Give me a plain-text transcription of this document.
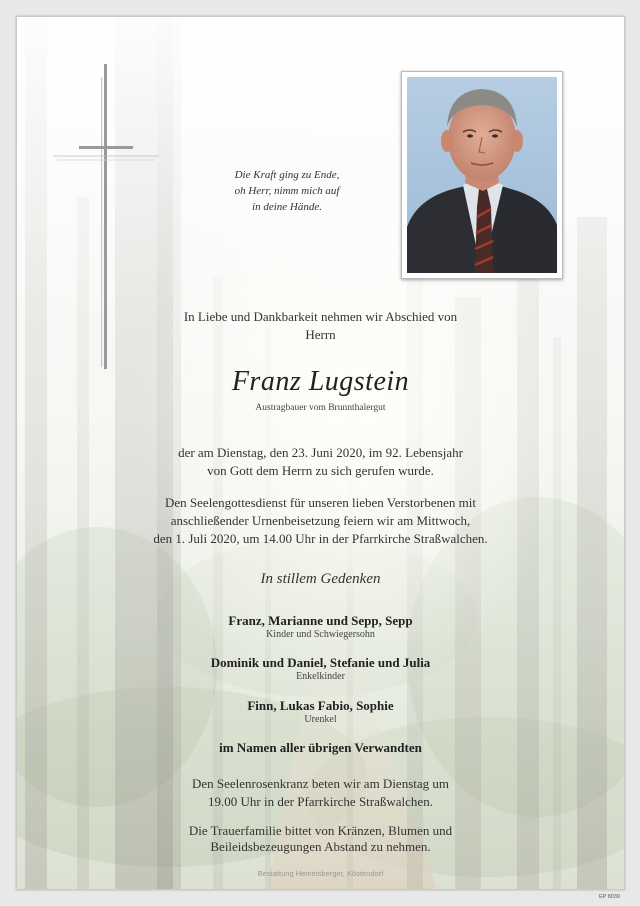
Die Kraft ging zu Ende,
oh Herr, nimm mich auf
in deine Hände.
In Liebe und Dankbarkeit nehmen wir Abschied von
Herrn
Franz Lugstein
Austragbauer vom Brunnthalergut
der am Dienstag, den 23. Juni 2020, im 92. Lebensjahr
von Gott dem Herrn zu sich gerufen wurde.
Den Seelengottesdienst für unseren lieben Verstorbenen mit
anschließender Urnenbeisetzung feiern wir am Mittwoch,
den 1. Juli 2020, um 14.00 Uhr in der Pfarrkirche Straßwalchen.
In stillem Gedenken
Franz, Marianne und Sepp, Sepp
Kinder und Schwiegersohn
Dominik und Daniel, Stefanie und Julia
Enkelkinder
Finn, Lukas Fabio, Sophie
Urenkel
im Namen aller übrigen Verwandten
Den Seelenrosenkranz beten wir am Dienstag um
19.00 Uhr in der Pfarrkirche Straßwalchen.
Die Trauerfamilie bittet von Kränzen, Blumen und
Beileidsbezeugungen Abstand zu nehmen.
Bestattung Hemetsberger, Köstendorf
EP 8039
